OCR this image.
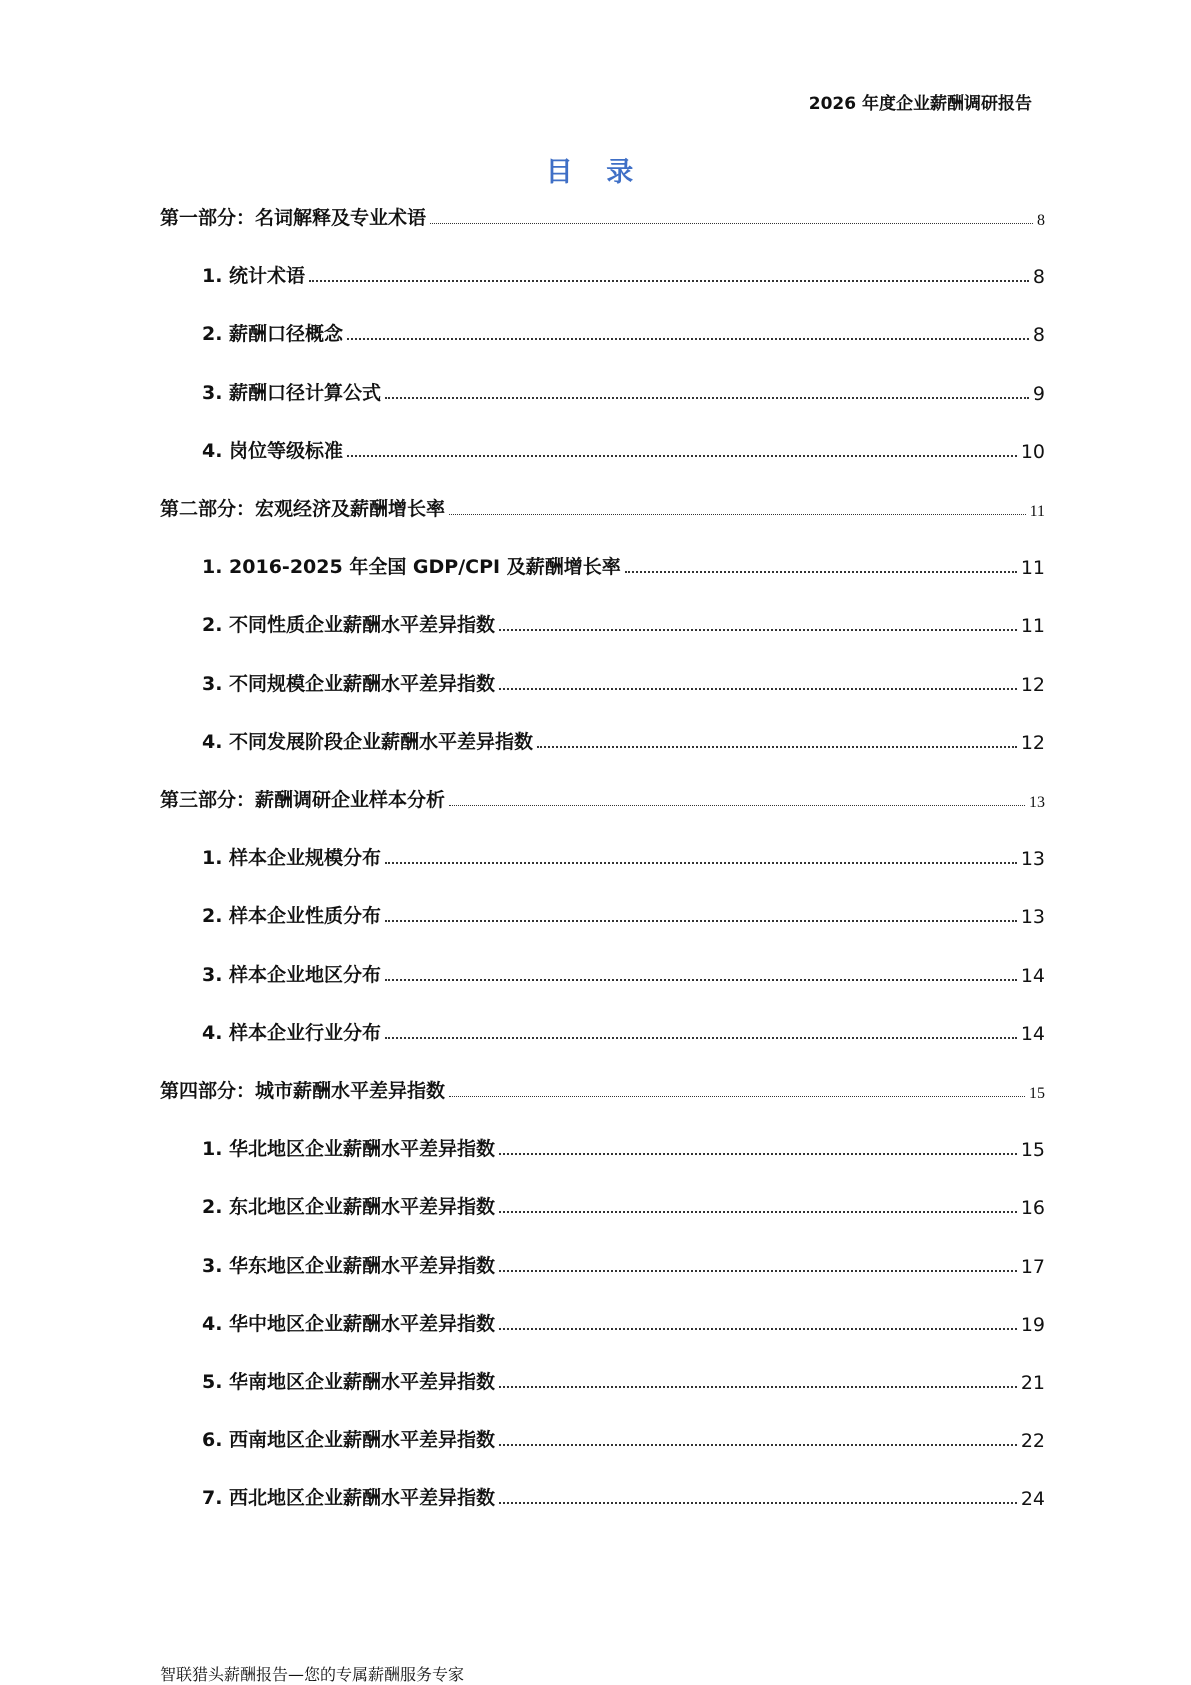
2026 年度企业薪酬调研报告
目 录
第一部分：名词解释及专业术语	8
1. 统计术语	8
2. 薪酬口径概念	8
3. 薪酬口径计算公式	9
4. 岗位等级标准	10
第二部分：宏观经济及薪酬增长率	11
1. 2016-2025 年全国 GDP/CPI 及薪酬增长率	11
2. 不同性质企业薪酬水平差异指数	11
3. 不同规模企业薪酬水平差异指数	12
4. 不同发展阶段企业薪酬水平差异指数	12
第三部分：薪酬调研企业样本分析	13
1. 样本企业规模分布	13
2. 样本企业性质分布	13
3. 样本企业地区分布	14
4. 样本企业行业分布	14
第四部分：城市薪酬水平差异指数	15
1. 华北地区企业薪酬水平差异指数	15
2. 东北地区企业薪酬水平差异指数	16
3. 华东地区企业薪酬水平差异指数	17
4. 华中地区企业薪酬水平差异指数	19
5. 华南地区企业薪酬水平差异指数	21
6. 西南地区企业薪酬水平差异指数	22
7. 西北地区企业薪酬水平差异指数	24
智联猎头薪酬报告—您的专属薪酬服务专家
